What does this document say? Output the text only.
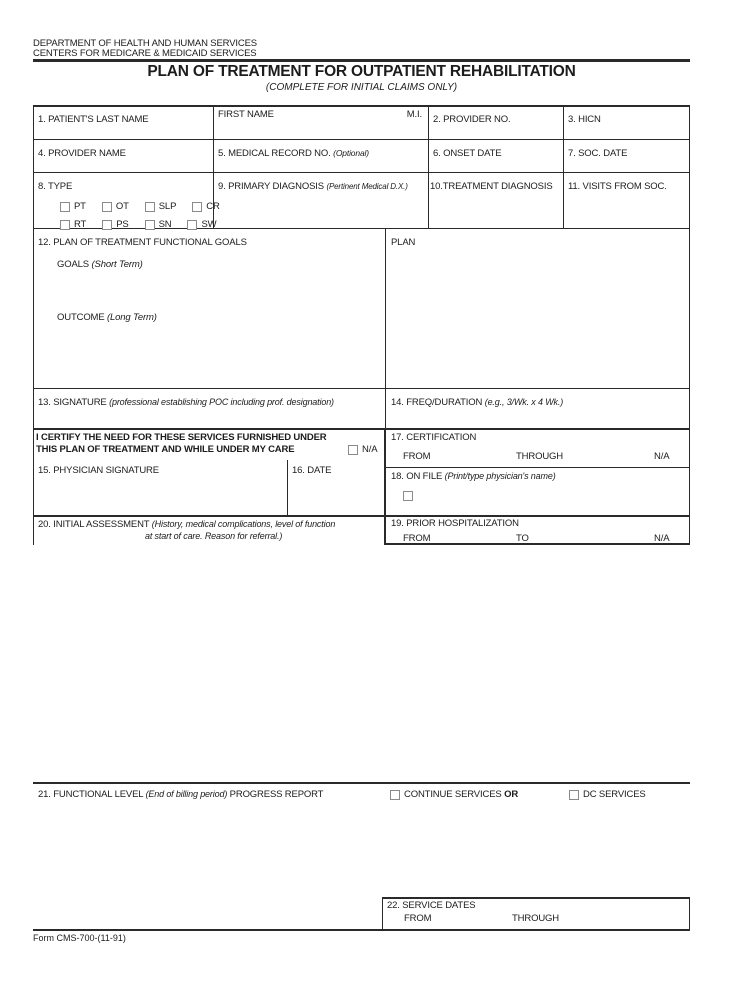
DEPARTMENT OF HEALTH AND HUMAN SERVICES
CENTERS FOR MEDICARE & MEDICAID SERVICES
PLAN OF TREATMENT FOR OUTPATIENT REHABILITATION
(COMPLETE FOR INITIAL CLAIMS ONLY)
1. PATIENT'S LAST NAME	FIRST NAME	M.I.	2. PROVIDER NO.	3. HICN
4. PROVIDER NAME	5. MEDICAL RECORD NO. (Optional)	6. ONSET DATE	7. SOC. DATE
8. TYPE
PT	OT	SLP	CR
RT	PS	SN	SW
9. PRIMARY DIAGNOSIS (Pertinent Medical D.X.)	10.TREATMENT DIAGNOSIS	11. VISITS FROM SOC.
12. PLAN OF TREATMENT FUNCTIONAL GOALS
GOALS (Short Term)
OUTCOME (Long Term)
PLAN
13. SIGNATURE (professional establishing POC including prof. designation)	14. FREQ/DURATION (e.g., 3/Wk. x 4 Wk.)
I CERTIFY THE NEED FOR THESE SERVICES FURNISHED UNDER
THIS PLAN OF TREATMENT AND WHILE UNDER MY CARE	N/A
15. PHYSICIAN SIGNATURE	16. DATE
17. CERTIFICATION
FROM	THROUGH	N/A
18. ON FILE (Print/type physician's name)
20. INITIAL ASSESSMENT (History, medical complications, level of function
at start of care. Reason for referral.)
19. PRIOR HOSPITALIZATION
FROM	TO	N/A
21. FUNCTIONAL LEVEL (End of billing period) PROGRESS REPORT	CONTINUE SERVICES OR	DC SERVICES
22. SERVICE DATES
FROM	THROUGH
Form CMS-700-(11-91)
